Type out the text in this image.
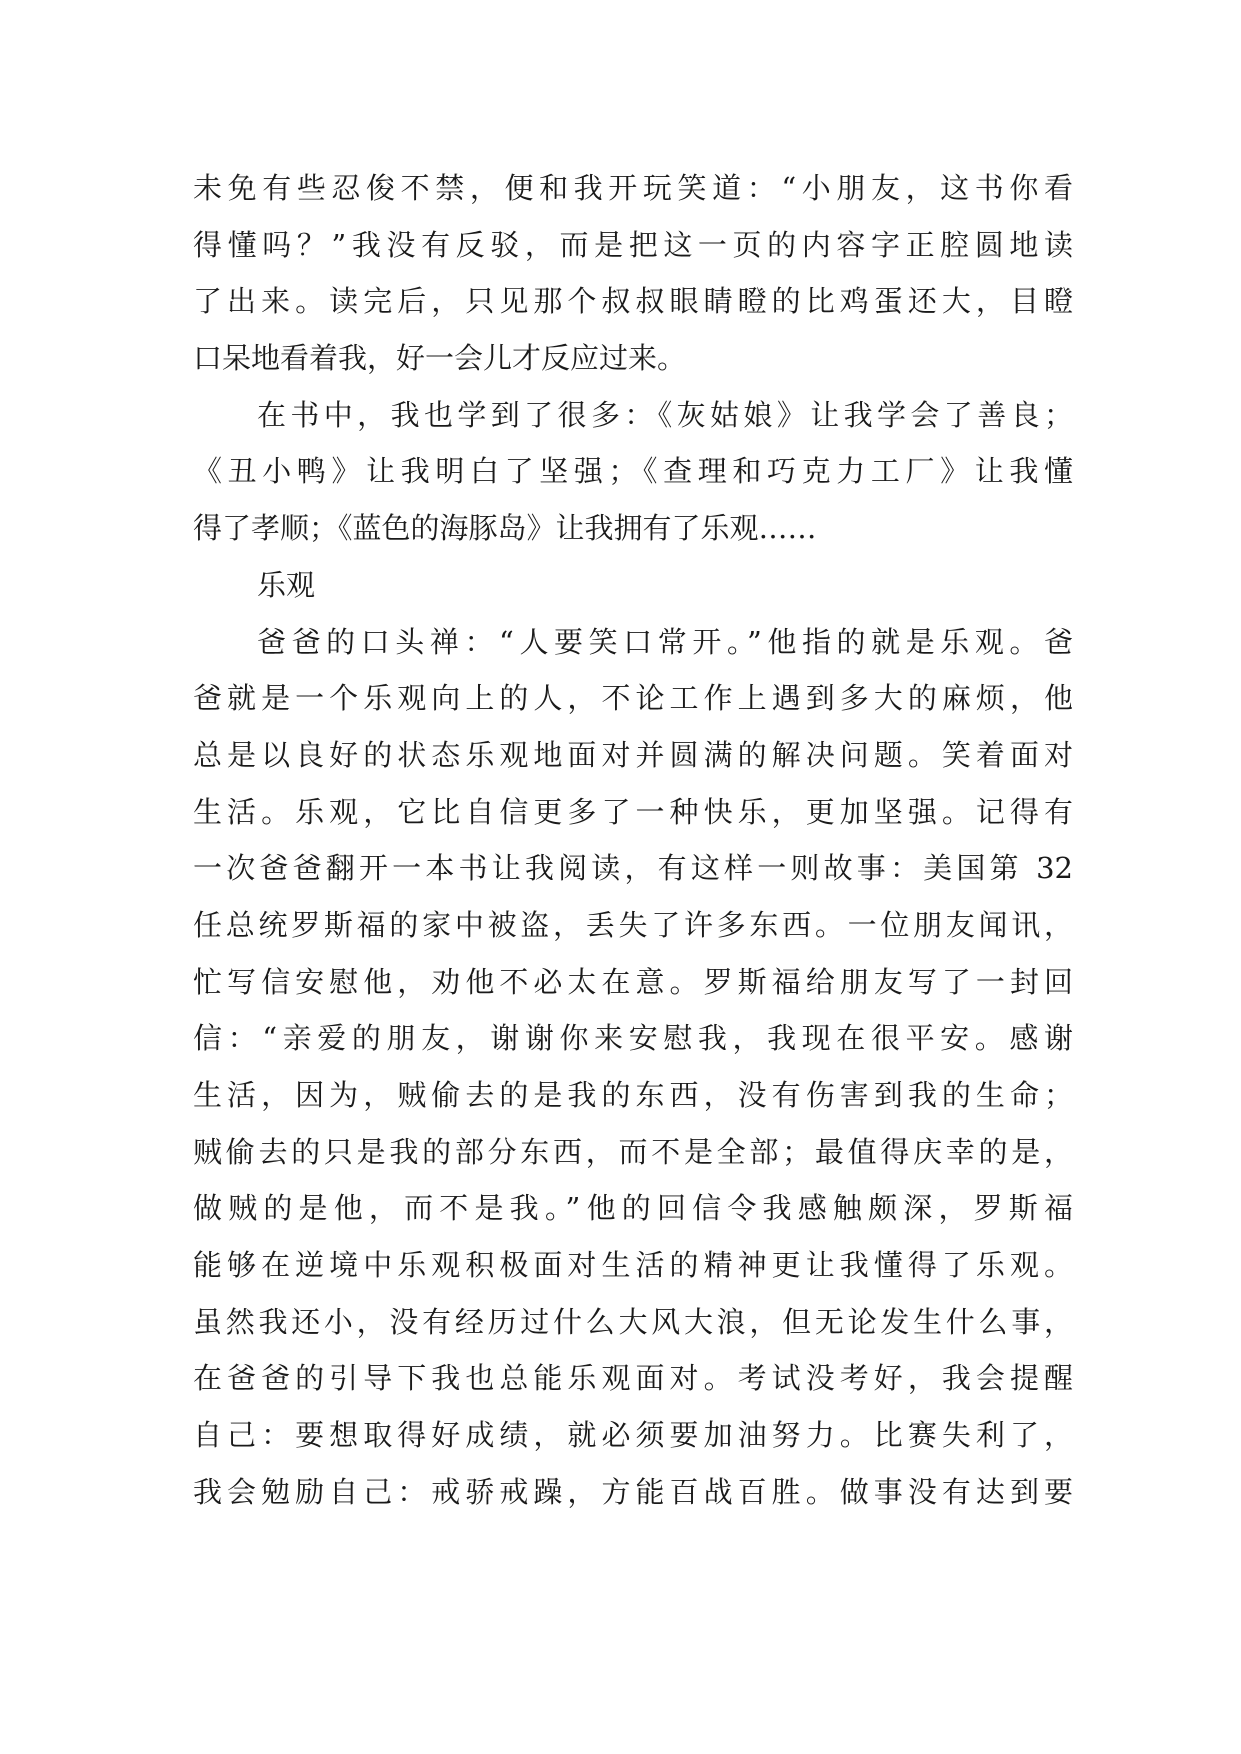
未免有些忍俊不禁，便和我开玩笑道：“小朋友，这书你看
得懂吗？”我没有反驳，而是把这一页的内容字正腔圆地读
了出来。读完后，只见那个叔叔眼睛瞪的比鸡蛋还大，目瞪
口呆地看着我，好一会儿才反应过来。
在书中，我也学到了很多：《灰姑娘》让我学会了善良；
《丑小鸭》让我明白了坚强；《查理和巧克力工厂》让我懂
得了孝顺；《蓝色的海豚岛》让我拥有了乐观……
乐观
爸爸的口头禅：“人要笑口常开。”他指的就是乐观。爸
爸就是一个乐观向上的人，不论工作上遇到多大的麻烦，他
总是以良好的状态乐观地面对并圆满的解决问题。笑着面对
生活。乐观，它比自信更多了一种快乐，更加坚强。记得有
一次爸爸翻开一本书让我阅读，有这样一则故事：美国第 32
任总统罗斯福的家中被盗，丢失了许多东西。一位朋友闻讯，
忙写信安慰他，劝他不必太在意。罗斯福给朋友写了一封回
信：“亲爱的朋友，谢谢你来安慰我，我现在很平安。感谢
生活，因为，贼偷去的是我的东西，没有伤害到我的生命；
贼偷去的只是我的部分东西，而不是全部；最值得庆幸的是，
做贼的是他，而不是我。”他的回信令我感触颇深，罗斯福
能够在逆境中乐观积极面对生活的精神更让我懂得了乐观。
虽然我还小，没有经历过什么大风大浪，但无论发生什么事，
在爸爸的引导下我也总能乐观面对。考试没考好，我会提醒
自己：要想取得好成绩，就必须要加油努力。比赛失利了，
我会勉励自己：戒骄戒躁，方能百战百胜。做事没有达到要
